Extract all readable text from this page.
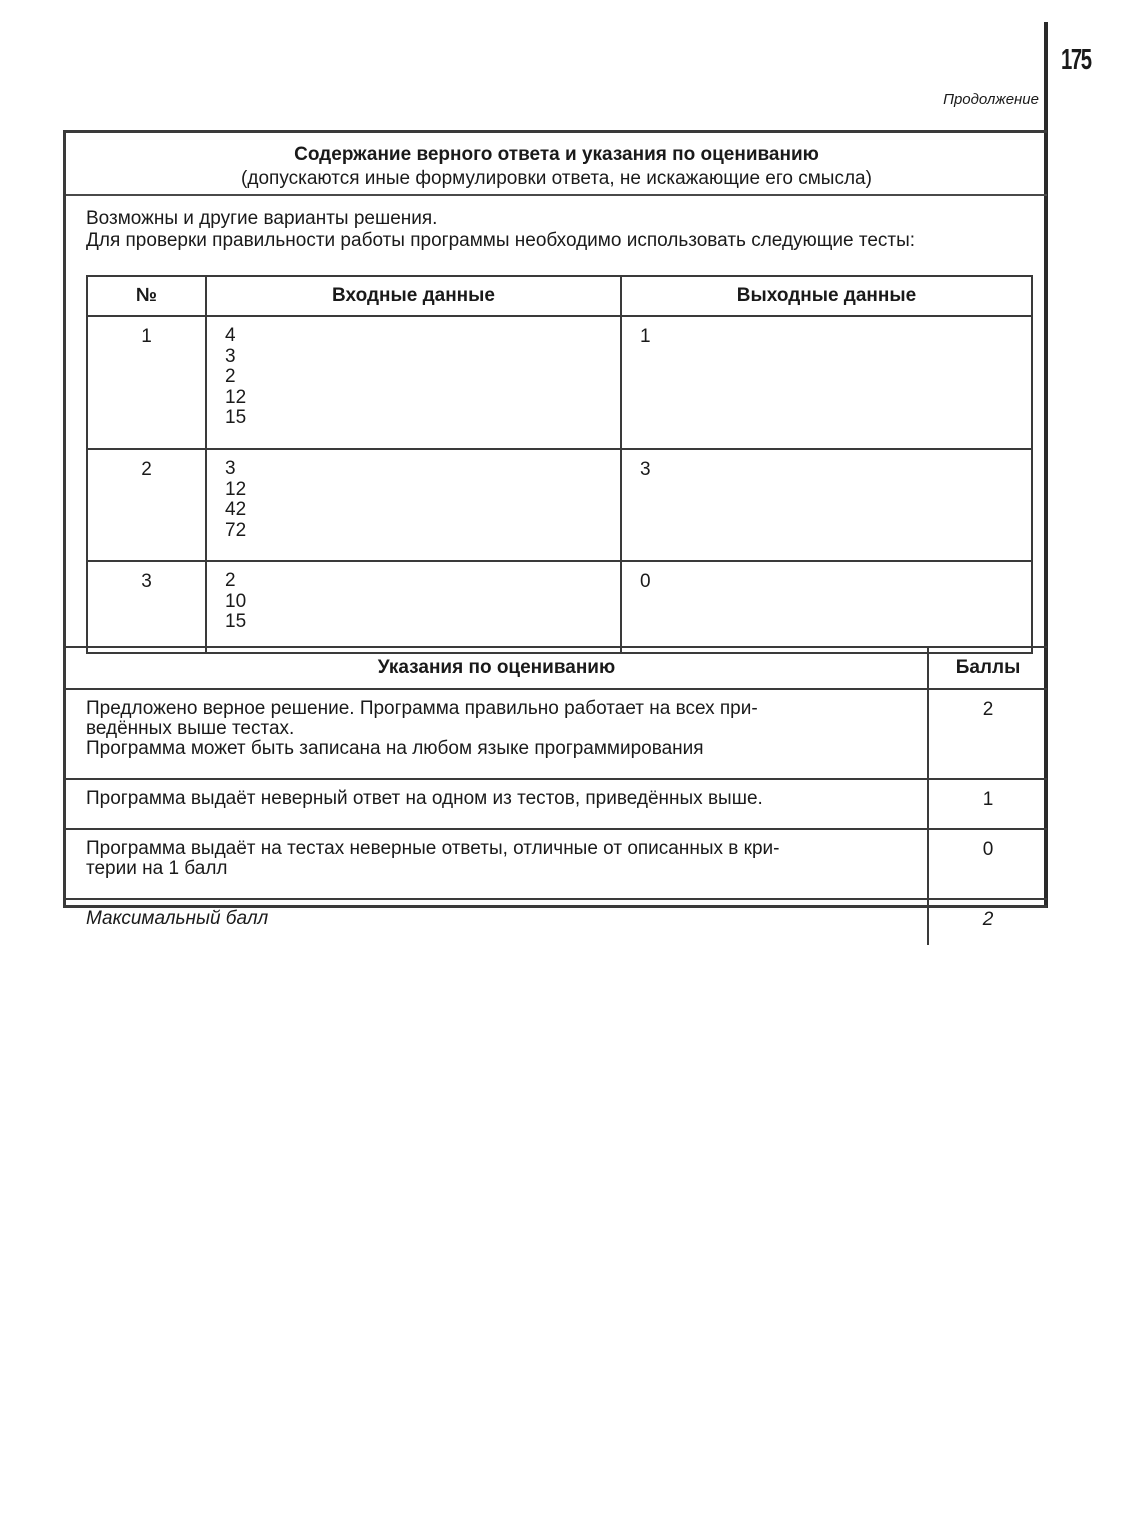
175
Продолжение
Содержание верного ответа и указания по оцениванию
(допускаются иные формулировки ответа, не искажающие его смысла)
Возможны и другие варианты решения.
Для проверки правильности работы программы необходимо использовать следующие тесты:
№	Входные данные	Выходные данные
1	4
3
2
12
15	1
2	3
12
42
72	3
3	2
10
15	0
Указания по оцениванию	Баллы
Предложено верное решение. Программа правильно работает на всех при-
ведённых выше тестах.
Программа может быть записана на любом языке программирования	2

Программа выдаёт неверный ответ на одном из тестов, приведённых выше.	1
Программа выдаёт на тестах неверные ответы, отличные от описанных в кри-
терии на 1 балл	0
Максимальный балл	2
